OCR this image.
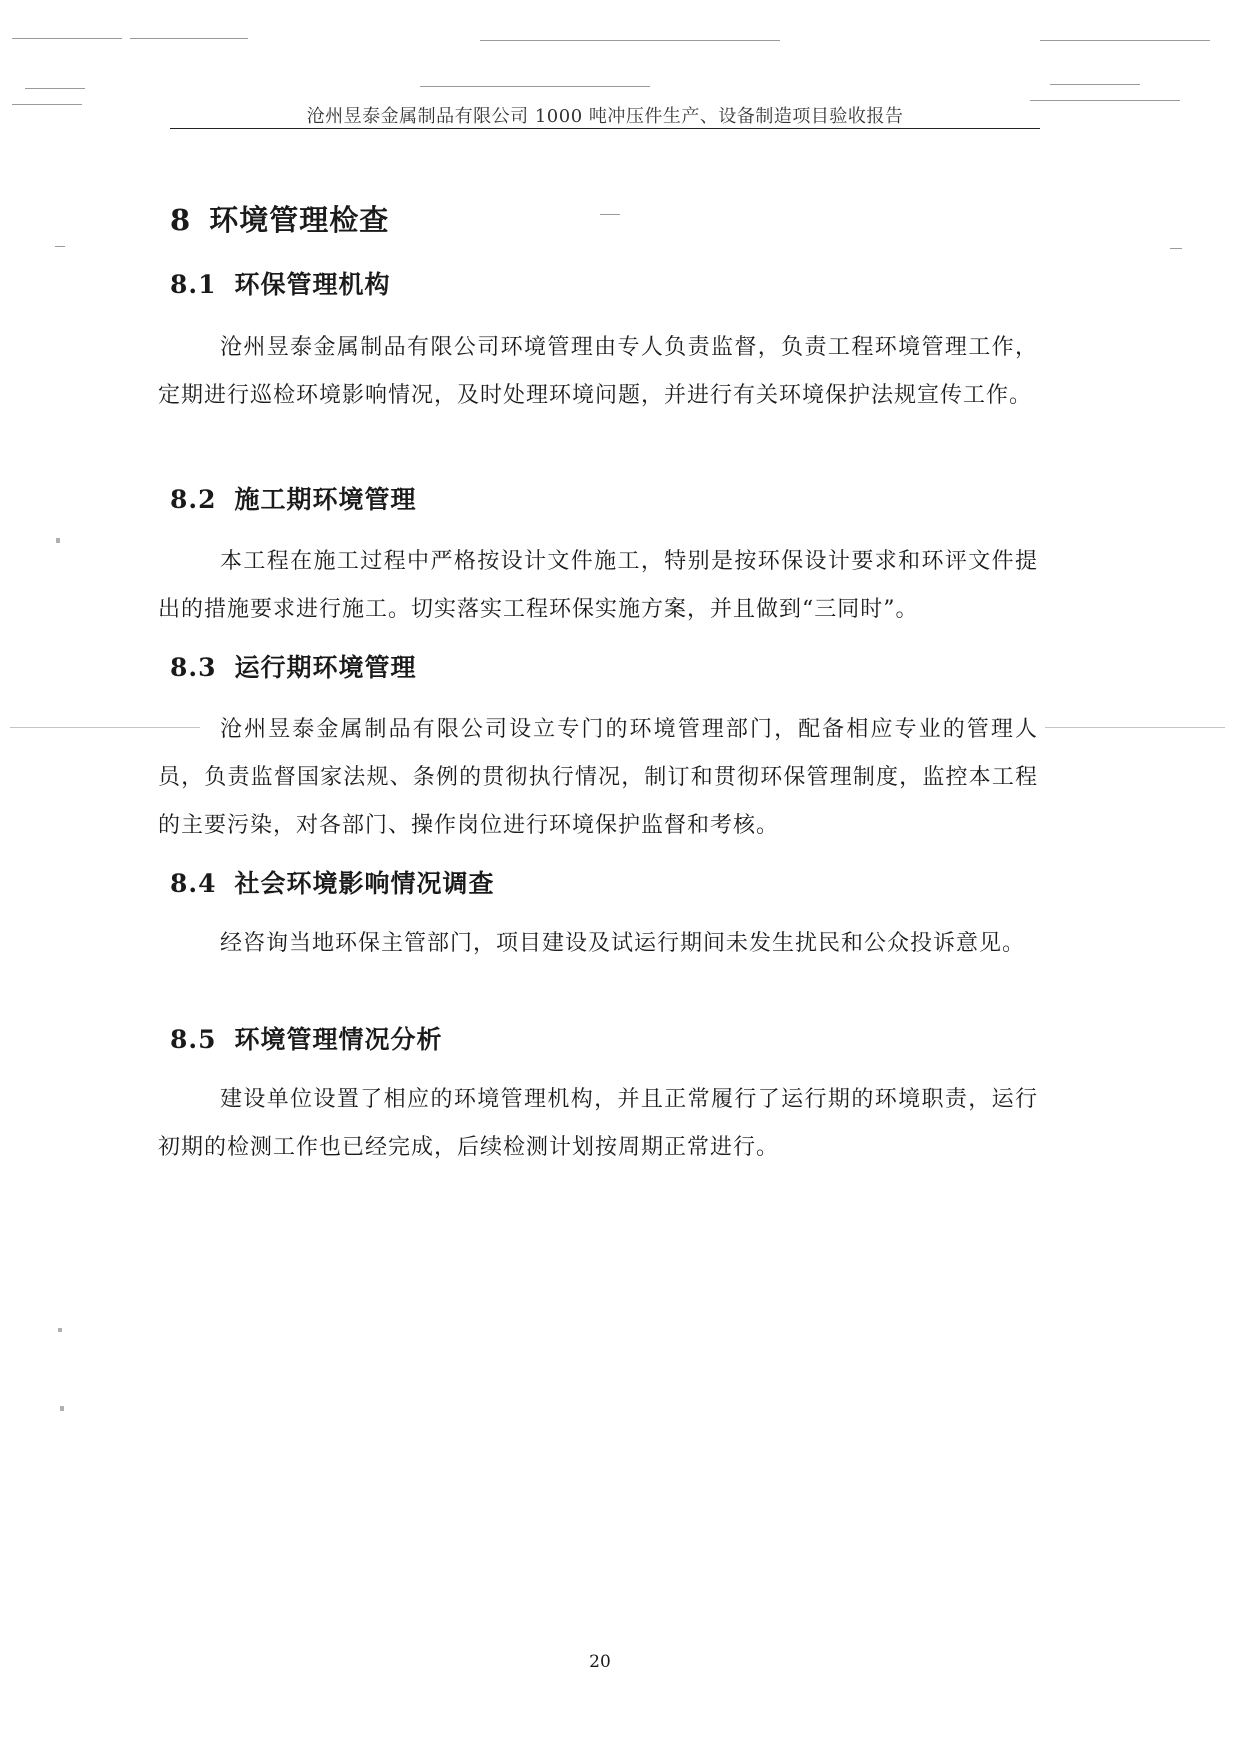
沧州昱泰金属制品有限公司 1000 吨冲压件生产、设备制造项目验收报告
8 环境管理检查
8.1 环保管理机构
沧州昱泰金属制品有限公司环境管理由专人负责监督，负责工程环境管理工作，定期进行巡检环境影响情况，及时处理环境问题，并进行有关环境保护法规宣传工作。
8.2 施工期环境管理
本工程在施工过程中严格按设计文件施工，特别是按环保设计要求和环评文件提出的措施要求进行施工。切实落实工程环保实施方案，并且做到“三同时”。
8.3 运行期环境管理
沧州昱泰金属制品有限公司设立专门的环境管理部门，配备相应专业的管理人员，负责监督国家法规、条例的贯彻执行情况，制订和贯彻环保管理制度，监控本工程的主要污染，对各部门、操作岗位进行环境保护监督和考核。
8.4 社会环境影响情况调查
经咨询当地环保主管部门，项目建设及试运行期间未发生扰民和公众投诉意见。
8.5 环境管理情况分析
建设单位设置了相应的环境管理机构，并且正常履行了运行期的环境职责，运行初期的检测工作也已经完成，后续检测计划按周期正常进行。
20
